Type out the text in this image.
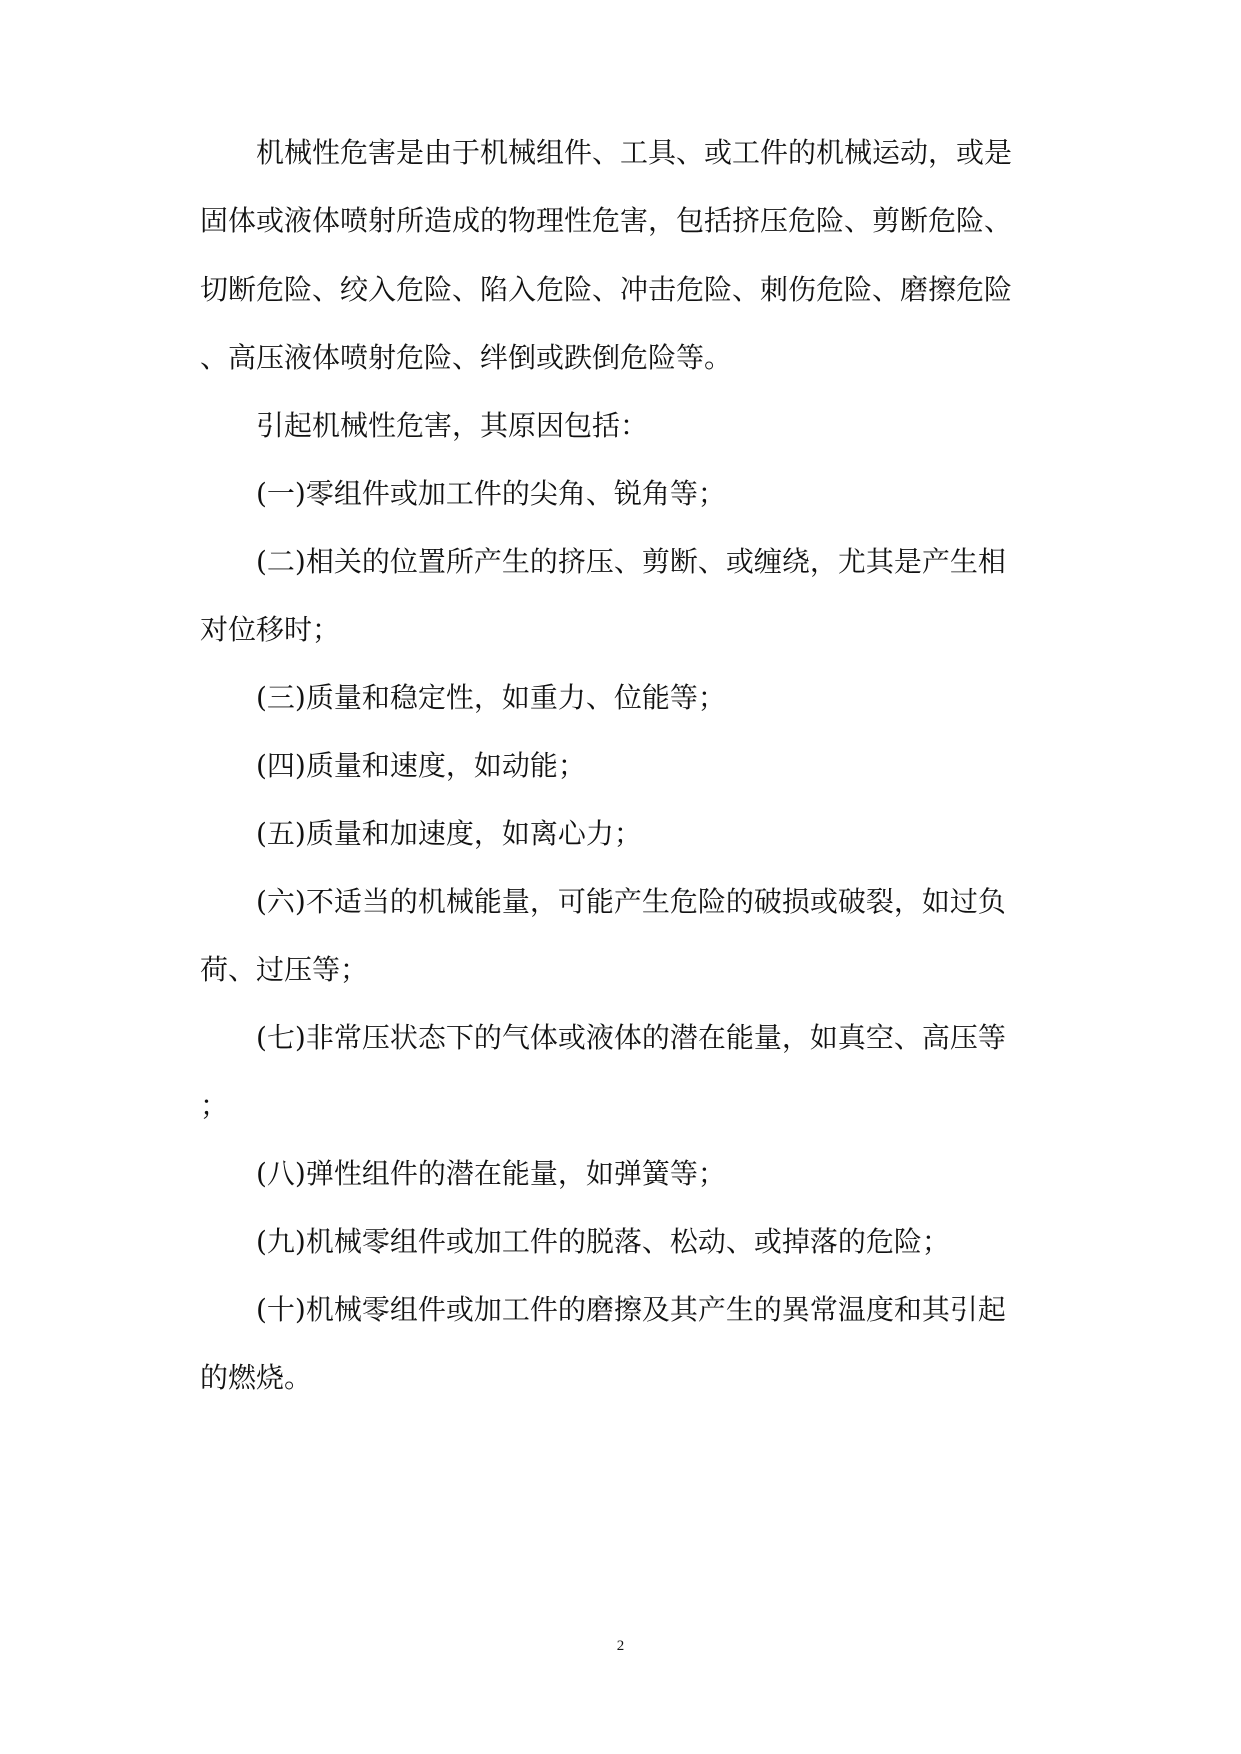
机械性危害是由于机械组件、工具、或工件的机械运动，或是
固体或液体喷射所造成的物理性危害，包括挤压危险、剪断危险、
切断危险、绞入危险、陷入危险、冲击危险、刺伤危险、磨擦危险
、高压液体喷射危险、绊倒或跌倒危险等。
引起机械性危害，其原因包括：
(一)零组件或加工件的尖角、锐角等；
(二)相关的位置所产生的挤压、剪断、或缠绕，尤其是产生相
对位移时；
(三)质量和稳定性，如重力、位能等；
(四)质量和速度，如动能；
(五)质量和加速度，如离心力；
(六)不适当的机械能量，可能产生危险的破损或破裂，如过负
荷、过压等；
(七)非常压状态下的气体或液体的潜在能量，如真空、高压等
；
(八)弹性组件的潜在能量，如弹簧等；
(九)机械零组件或加工件的脱落、松动、或掉落的危险；
(十)机械零组件或加工件的磨擦及其产生的異常温度和其引起
的燃烧。
2
